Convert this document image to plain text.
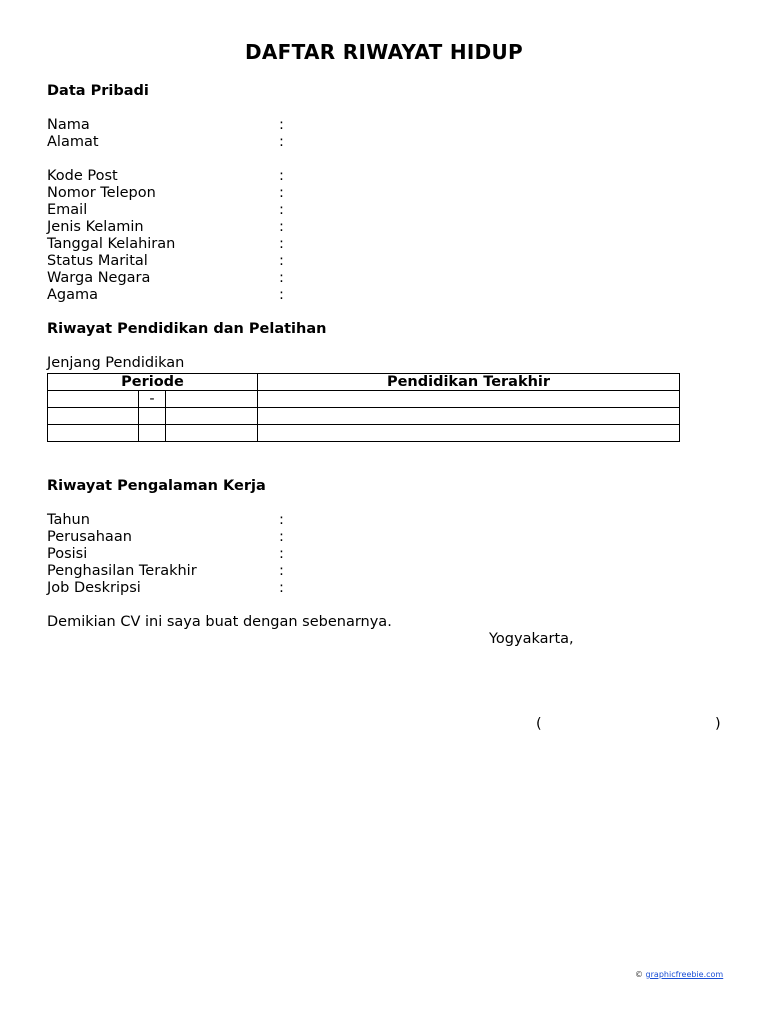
DAFTAR RIWAYAT HIDUP
Data Pribadi
Nama	:
Alamat	:
Kode Post	:
Nomor Telepon	:
Email	:
Jenis Kelamin	:
Tanggal Kelahiran	:
Status Marital	:
Warga Negara	:
Agama	:
Riwayat Pendidikan dan Pelatihan
Jenjang Pendidikan
Periode			Pendidikan Terakhir
	-		

Riwayat Pengalaman Kerja
Tahun	:
Perusahaan	:
Posisi	:
Penghasilan Terakhir	:
Job Deskripsi	:
Demikian CV ini saya buat dengan sebenarnya.
Yogyakarta,
(	)
© graphicfreebie.com
